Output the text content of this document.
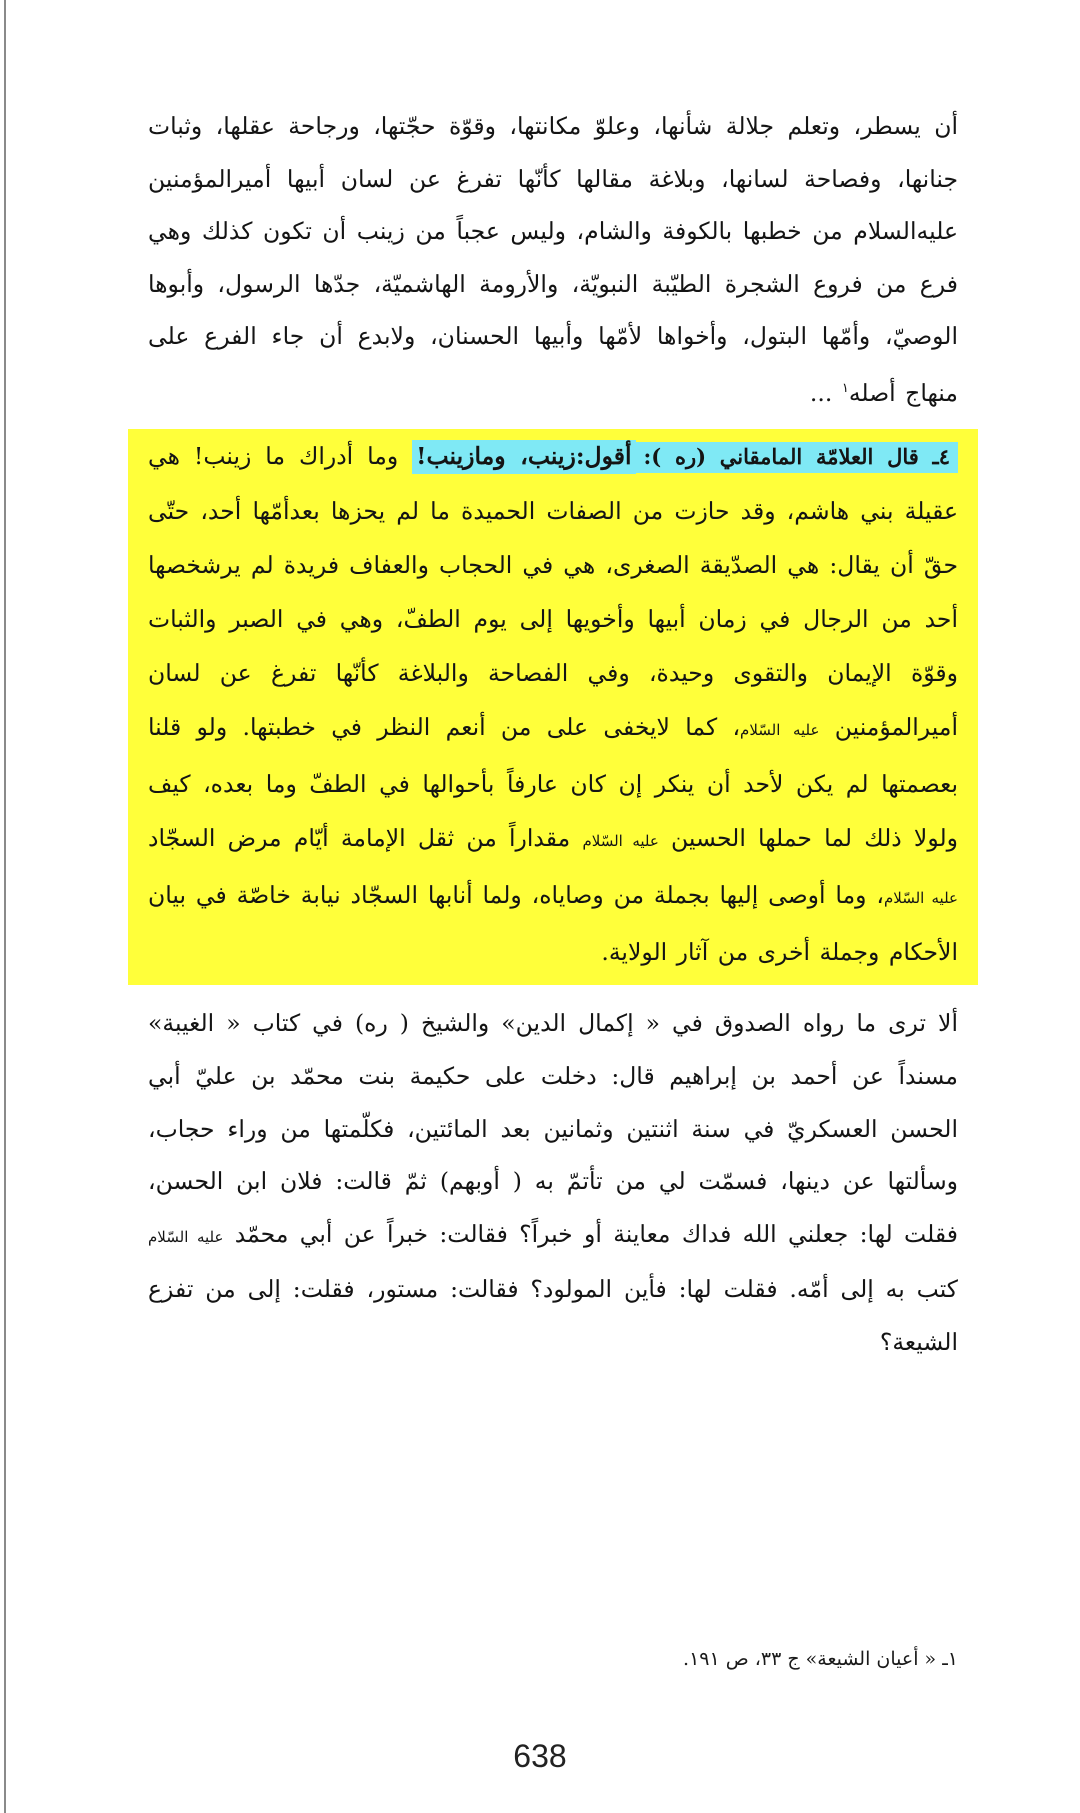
أن يسطر، وتعلم جلالة شأنها، وعلوّ مكانتها، وقوّة حجّتها، ورجاحة عقلها، وثبات جنانها، وفصاحة لسانها، وبلاغة مقالها كأنّها تفرغ عن لسان أبيها أميرالمؤمنين عليه‌السلام من خطبها بالكوفة والشام، وليس عجباً من زينب أن تكون كذلك وهي فرع من فروع الشجرة الطيّبة النبويّة، والأرومة الهاشميّة، جدّها الرسول، وأبوها الوصيّ، وأمّها البتول، وأخواها لأمّها وأبيها الحسنان، ولابدع أن جاء الفرع على منهاج أصله$^١$ ...

٤ـ قال العلامّة المامقاني (ره ):أقول:زينب، ومازينب! وما أدراك ما زينب! هي عقيلة بني هاشم، وقد حازت من الصفات الحميدة ما لم يحزها بعدأمّها أحد، حتّى حقّ أن يقال: هي الصدّيقة الصغرى، هي في الحجاب والعفاف فريدة لم يرشخصها أحد من الرجال في زمان أبيها وأخويها إلى يوم الطفّ، وهي في الصبر والثبات وقوّة الإيمان والتقوى وحيدة، وفي الفصاحة والبلاغة كأنّها تفرغ عن لسان أميرالمؤمنين عليه السّلام، كما لايخفى على من أنعم النظر في خطبتها. ولو قلنا بعصمتها لم يكن لأحد أن ينكر إن كان عارفاً بأحوالها في الطفّ وما بعده، كيف ولولا ذلك لما حملها الحسين عليه السّلام مقداراً من ثقل الإمامة أيّام مرض السجّاد عليه السّلام، وما أوصى إليها بجملة من وصاياه، ولما أنابها السجّاد نيابة خاصّة في بيان الأحكام وجملة أخرى من آثار الولاية.

ألا ترى ما رواه الصدوق في « إكمال الدين» والشيخ ( ره) في كتاب « الغيبة» مسنداً عن أحمد بن إبراهيم قال: دخلت على حكيمة بنت محمّد بن عليّ أبي الحسن العسكريّ في سنة اثنتين وثمانين بعد المائتين، فكلّمتها من وراء حجاب، وسألتها عن دينها، فسمّت لي من تأتمّ به ( أوبهم) ثمّ قالت: فلان ابن الحسن، فقلت لها: جعلني الله فداك معاينة أو خبراً؟ فقالت: خبراً عن أبي محمّد عليه السّلام كتب به إلى أمّه. فقلت لها: فأين المولود؟ فقالت: مستور، فقلت: إلى من تفزع الشيعة؟

١ـ « أعيان الشيعة» ج ٣٣، ص ١٩١.
638
